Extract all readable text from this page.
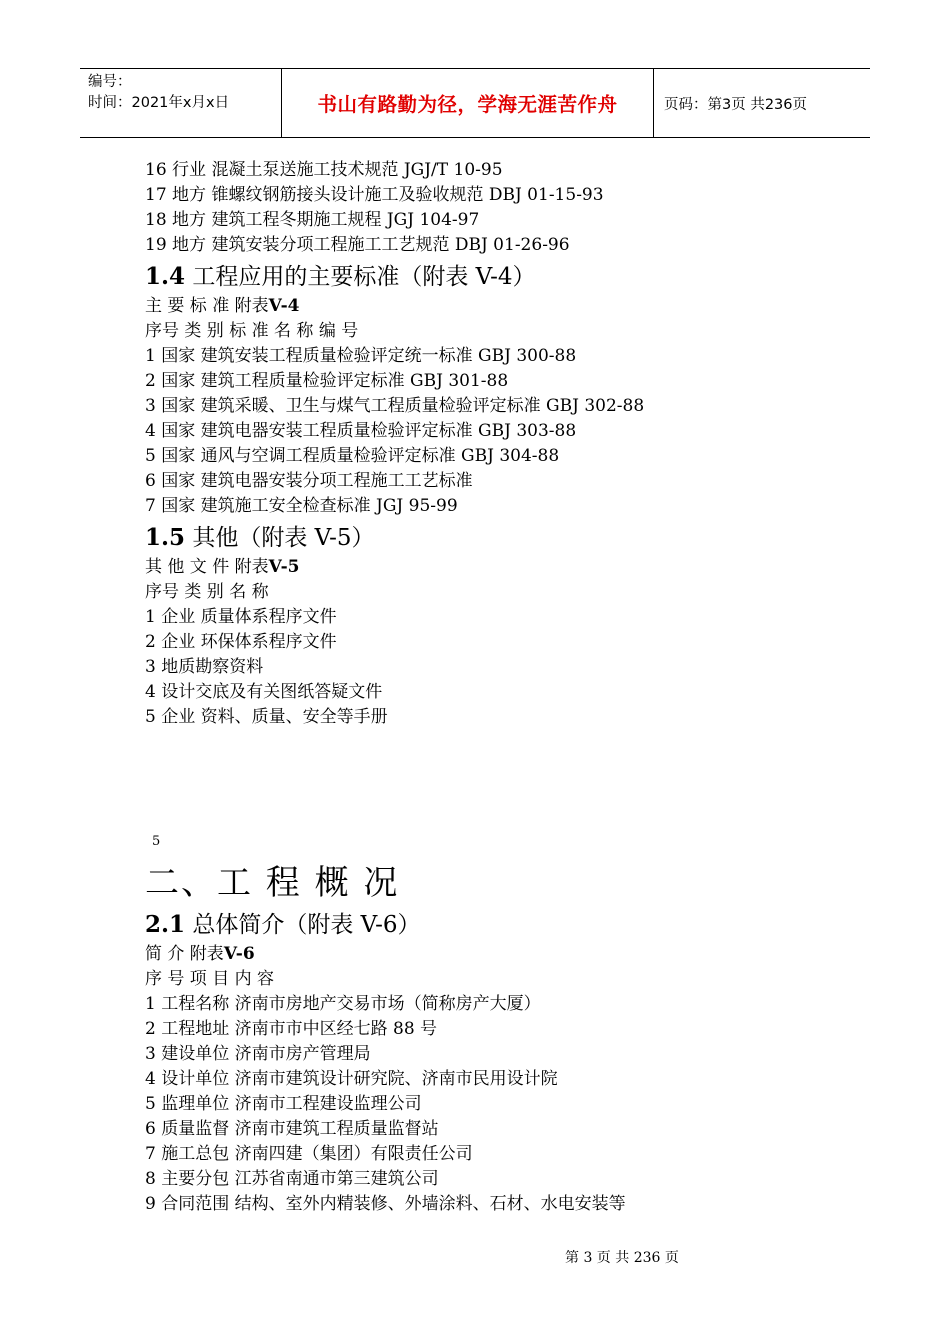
编号：
时间：2021年x月x日	书山有路勤为径，学海无涯苦作舟	页码：第3页 共236页
16 行业 混凝土泵送施工技术规范 JGJ/T 10-95
17 地方 锥螺纹钢筋接头设计施工及验收规范 DBJ 01-15-93
18 地方 建筑工程冬期施工规程 JGJ 104-97
19 地方 建筑安装分项工程施工工艺规范 DBJ 01-26-96
1.4 工程应用的主要标准（附表 V-4）
主 要 标 准 附表V-4
序号 类 别 标 准 名 称 编 号
1 国家 建筑安装工程质量检验评定统一标准 GBJ 300-88
2 国家 建筑工程质量检验评定标准 GBJ 301-88
3 国家 建筑采暖、卫生与煤气工程质量检验评定标准 GBJ 302-88
4 国家 建筑电器安装工程质量检验评定标准 GBJ 303-88
5 国家 通风与空调工程质量检验评定标准 GBJ 304-88
6 国家 建筑电器安装分项工程施工工艺标准
7 国家 建筑施工安全检查标准 JGJ 95-99
1.5 其他（附表 V-5）
其 他 文 件 附表V-5
序号 类 别 名 称
1 企业 质量体系程序文件
2 企业 环保体系程序文件
3 地质勘察资料
4 设计交底及有关图纸答疑文件
5 企业 资料、质量、安全等手册
5
二、工 程 概 况
2.1 总体简介（附表 V-6）
简 介 附表V-6
序 号 项 目 内 容
1 工程名称 济南市房地产交易市场（简称房产大厦）
2 工程地址 济南市市中区经七路 88 号
3 建设单位 济南市房产管理局
4 设计单位 济南市建筑设计研究院、济南市民用设计院
5 监理单位 济南市工程建设监理公司
6 质量监督 济南市建筑工程质量监督站
7 施工总包 济南四建（集团）有限责任公司
8 主要分包 江苏省南通市第三建筑公司
9 合同范围 结构、室外内精装修、外墙涂料、石材、水电安装等
第 3 页 共 236 页
